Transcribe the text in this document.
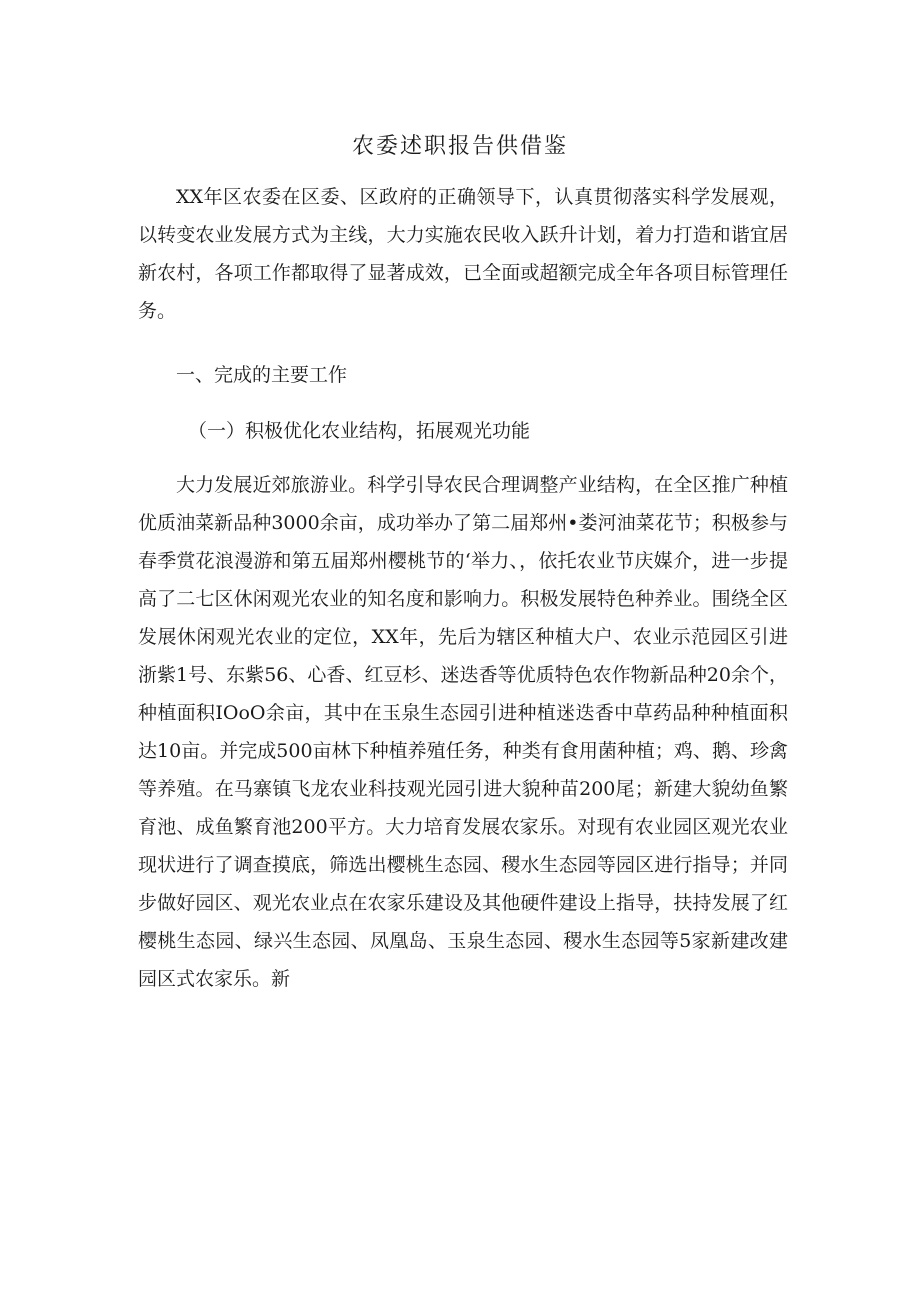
农委述职报告供借鉴

XX年区农委在区委、区政府的正确领导下，认真贯彻落实科学发展观，以转变农业发展方式为主线，大力实施农民收入跃升计划，着力打造和谐宜居新农村，各项工作都取得了显著成效，已全面或超额完成全年各项目标管理任务。

一、完成的主要工作

（一）积极优化农业结构，拓展观光功能

大力发展近郊旅游业。科学引导农民合理调整产业结构，在全区推广种植优质油菜新品种3000余亩，成功举办了第二届郑州•娄河油菜花节；积极参与春季赏花浪漫游和第五届郑州樱桃节的‘举力、，依托农业节庆媒介，进一步提高了二七区休闲观光农业的知名度和影响力。积极发展特色种养业。围绕全区发展休闲观光农业的定位，XX年，先后为辖区种植大户、农业示范园区引进浙紫1号、东紫56、心香、红豆杉、迷迭香等优质特色农作物新品种20余个，种植面积IOoO余亩，其中在玉泉生态园引进种植迷迭香中草药品种种植面积达10亩。并完成500亩林下种植养殖任务，种类有食用菌种植；鸡、鹅、珍禽等养殖。在马寨镇飞龙农业科技观光园引进大貌种苗200尾；新建大貌幼鱼繁育池、成鱼繁育池200平方。大力培育发展农家乐。对现有农业园区观光农业现状进行了调查摸底，筛选出樱桃生态园、稷水生态园等园区进行指导；并同步做好园区、观光农业点在农家乐建设及其他硬件建设上指导，扶持发展了红樱桃生态园、绿兴生态园、凤凰岛、玉泉生态园、稷水生态园等5家新建改建园区式农家乐。新
